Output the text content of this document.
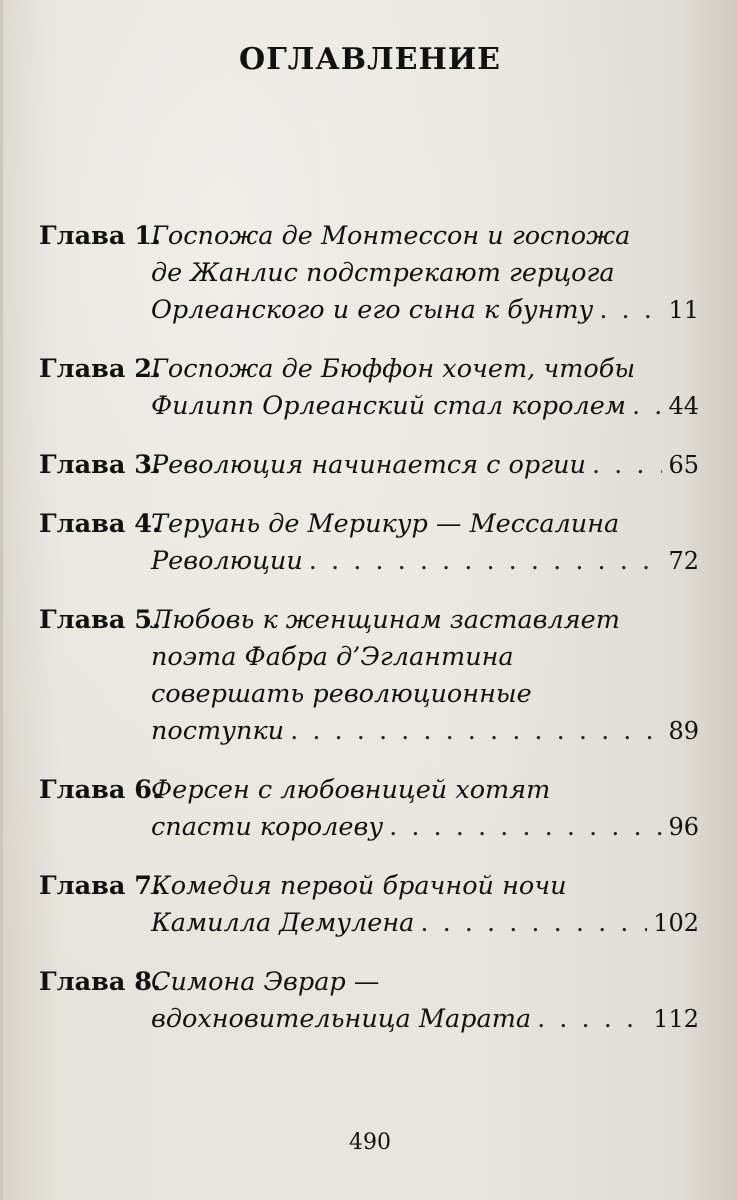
ОГЛАВЛЕНИЕ
Глава 1.
Госпожа де Монтессон и госпожа
де Жанлис подстрекают герцога
Орлеанского и его сына к бунту . . .	11
Глава 2.
Госпожа де Бюффон хочет, чтобы
Филипп Орлеанский стал королем . . . 44
Глава 3.
Революция начинается с оргии . . .	65
Глава 4.
Теруань де Мерикур — Мессалина
Революции . . .	72
Глава 5.
Любовь к женщинам заставляет
поэта Фабра д’Эглантина
совершать революционные
поступки . . .	89
Глава 6.
Ферсен с любовницей хотят
спасти королеву . . .	96
Глава 7.
Комедия первой брачной ночи
Камилла Демулена . . .	102
Глава 8.
Симона Эврар —
вдохновительница Марата . . .	112
490
